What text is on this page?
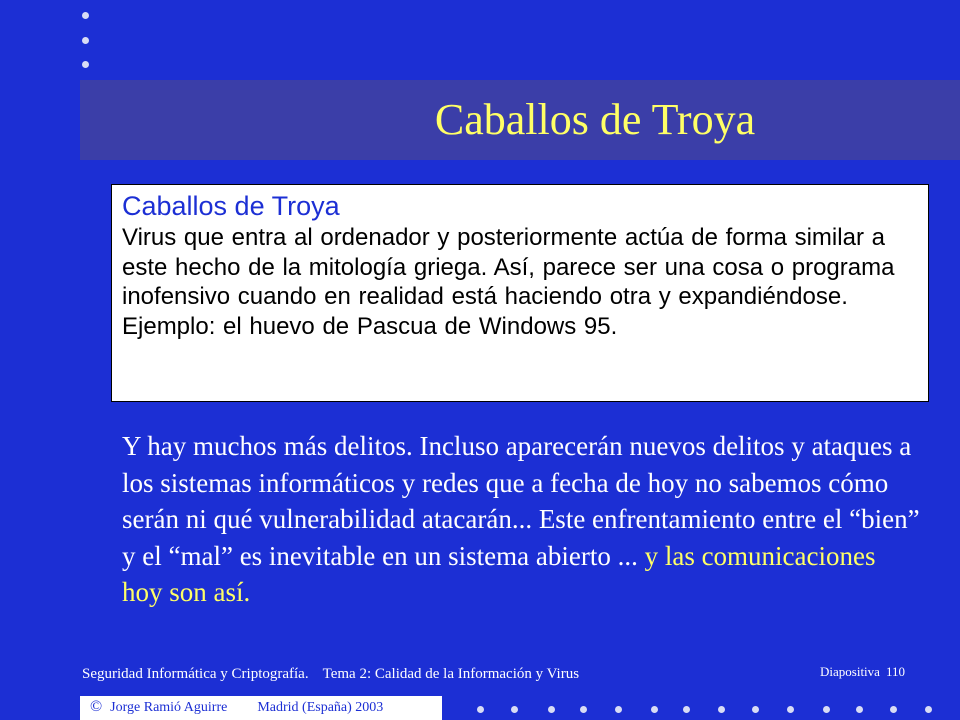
Caballos de Troya
Caballos de Troya
Virus que entra al ordenador y posteriormente actúa de forma similar a este hecho de la mitología griega. Así, parece ser una cosa o programa inofensivo cuando en realidad está haciendo otra y expandiéndose. Ejemplo: el huevo de Pascua de Windows 95.
Y hay muchos más delitos. Incluso aparecerán nuevos delitos y ataques a los sistemas informáticos y redes que a fecha de hoy no sabemos cómo serán ni qué vulnerabilidad atacarán... Este enfrentamiento entre el “bien” y el “mal” es inevitable en un sistema abierto ... y las comunicaciones hoy son así.
Seguridad Informática y Criptografía. Tema 2: Calidad de la Información y Virus	Diapositiva 110
© Jorge Ramió Aguirre Madrid (España) 2003
